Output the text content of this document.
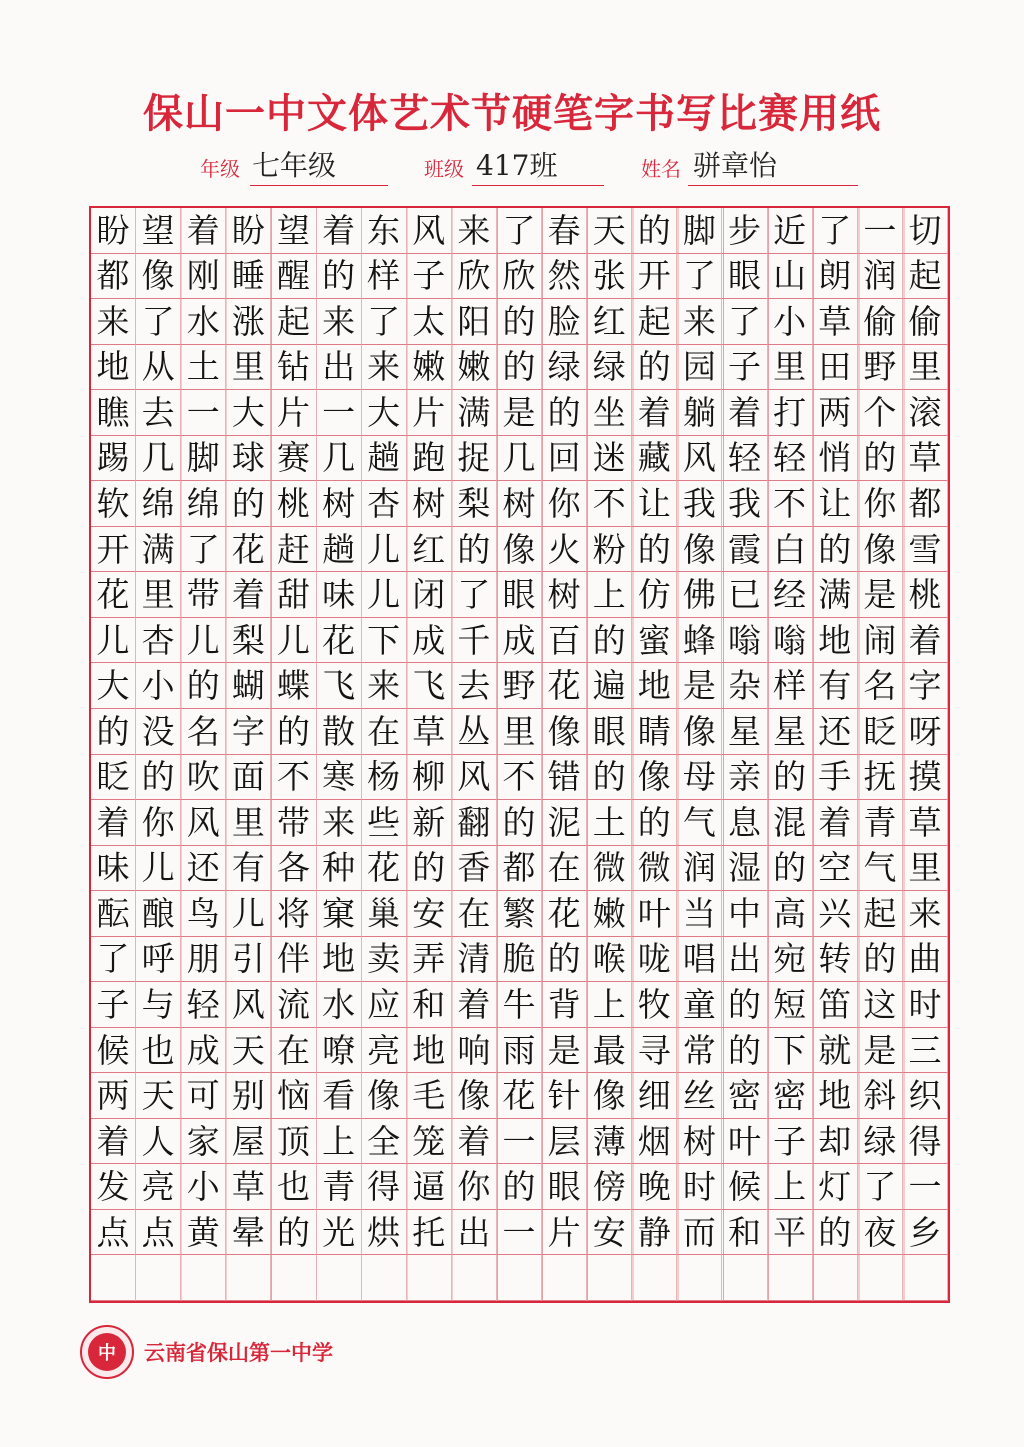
保山一中文体艺术节硬笔字书写比赛用纸
年级 七年级	班级 417班	姓名 骈章怡
盼 望 着 盼 望 着 东 风 来 了 春 天 的 脚 步 近 了 一 切
都 像 刚 睡 醒 的 样 子 欣 欣 然 张 开 了 眼 山 朗 润 起
来 了 水 涨 起 来 了 太 阳 的 脸 红 起 来 了 小 草 偷 偷
地 从 土 里 钻 出 来 嫩 嫩 的 绿 绿 的 园 子 里 田 野 里
瞧 去 一 大 片 一 大 片 满 是 的 坐 着 躺 着 打 两 个 滚
踢 几 脚 球 赛 几 趟 跑 捉 几 回 迷 藏 风 轻 轻 悄 的 草
软 绵 绵 的 桃 树 杏 树 梨 树 你 不 让 我 我 不 让 你 都
开 满 了 花 赶 趟 儿 红 的 像 火 粉 的 像 霞 白 的 像 雪
花 里 带 着 甜 味 儿 闭 了 眼 树 上 仿 佛 已 经 满 是 桃
儿 杏 儿 梨 儿 花 下 成 千 成 百 的 蜜 蜂 嗡 嗡 地 闹 着
大 小 的 蝴 蝶 飞 来 飞 去 野 花 遍 地 是 杂 样 有 名 字
的 没 名 字 的 散 在 草 丛 里 像 眼 睛 像 星 星 还 眨 呀
眨 的 吹 面 不 寒 杨 柳 风 不 错 的 像 母 亲 的 手 抚 摸
着 你 风 里 带 来 些 新 翻 的 泥 土 的 气 息 混 着 青 草
味 儿 还 有 各 种 花 的 香 都 在 微 微 润 湿 的 空 气 里
酝 酿 鸟 儿 将 窠 巢 安 在 繁 花 嫩 叶 当 中 高 兴 起 来
了 呼 朋 引 伴 地 卖 弄 清 脆 的 喉 咙 唱 出 宛 转 的 曲
子 与 轻 风 流 水 应 和 着 牛 背 上 牧 童 的 短 笛 这 时
候 也 成 天 在 嘹 亮 地 响 雨 是 最 寻 常 的 下 就 是 三
两 天 可 别 恼 看 像 毛 像 花 针 像 细 丝 密 密 地 斜 织
着 人 家 屋 顶 上 全 笼 着 一 层 薄 烟 树 叶 子 却 绿 得
发 亮 小 草 也 青 得 逼 你 的 眼 傍 晚 时 候 上 灯 了 一
点 点 黄 晕 的 光 烘 托 出 一 片 安 静 而 和 平 的 夜 乡
中	云南省保山第一中学
